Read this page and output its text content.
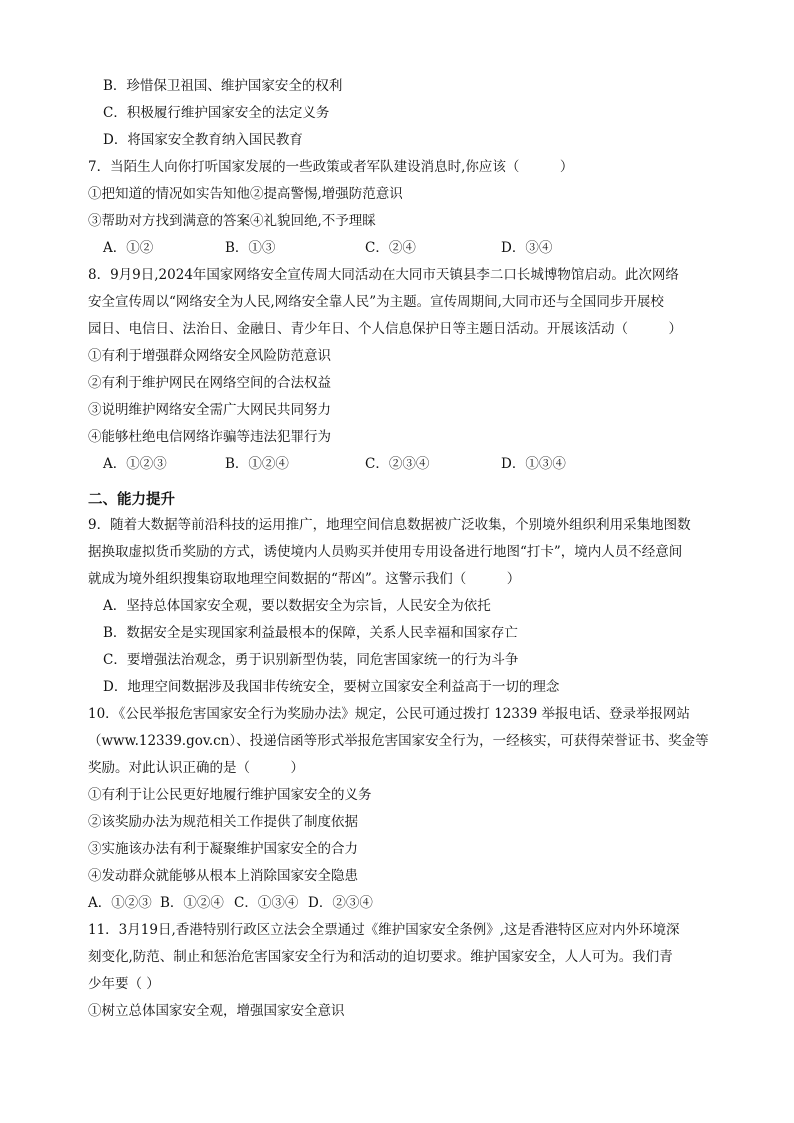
B．珍惜保卫祖国、维护国家安全的权利
C．积极履行维护国家安全的法定义务
D．将国家安全教育纳入国民教育
7．当陌生人向你打听国家发展的一些政策或者军队建设消息时,你应该（　　　）
①把知道的情况如实告知他②提高警惕,增强防范意识
③帮助对方找到满意的答案④礼貌回绝,不予理睬
A．①②	B．①③	C．②④	D．③④
8．9月9日,2024年国家网络安全宣传周大同活动在大同市天镇县李二口长城博物馆启动。此次网络
安全宣传周以“网络安全为人民,网络安全靠人民”为主题。宣传周期间,大同市还与全国同步开展校
园日、电信日、法治日、金融日、青少年日、个人信息保护日等主题日活动。开展该活动（　　　）
①有利于增强群众网络安全风险防范意识
②有利于维护网民在网络空间的合法权益
③说明维护网络安全需广大网民共同努力
④能够杜绝电信网络诈骗等违法犯罪行为
A．①②③	B．①②④	C．②③④	D．①③④
二、能力提升
9．随着大数据等前沿科技的运用推广，地理空间信息数据被广泛收集，个别境外组织利用采集地图数
据换取虚拟货币奖励的方式，诱使境内人员购买并使用专用设备进行地图“打卡”，境内人员不经意间
就成为境外组织搜集窃取地理空间数据的“帮凶”。这警示我们（　　　）
A．坚持总体国家安全观，要以数据安全为宗旨，人民安全为依托
B．数据安全是实现国家利益最根本的保障，关系人民幸福和国家存亡
C．要增强法治观念，勇于识别新型伪装，同危害国家统一的行为斗争
D．地理空间数据涉及我国非传统安全，要树立国家安全利益高于一切的理念
10．《公民举报危害国家安全行为奖励办法》规定，公民可通过拨打 12339 举报电话、登录举报网站
（www.12339.gov.cn）、投递信函等形式举报危害国家安全行为，一经核实，可获得荣誉证书、奖金等
奖励。对此认识正确的是（　　　）
①有利于让公民更好地履行维护国家安全的义务
②该奖励办法为规范相关工作提供了制度依据
③实施该办法有利于凝聚维护国家安全的合力
④发动群众就能够从根本上消除国家安全隐患
A．①②③ B．①②④ C．①③④ D．②③④
11．3月19日,香港特别行政区立法会全票通过《维护国家安全条例》,这是香港特区应对内外环境深
刻变化,防范、制止和惩治危害国家安全行为和活动的迫切要求。维护国家安全，人人可为。我们青
少年要（ ）
①树立总体国家安全观，增强国家安全意识
